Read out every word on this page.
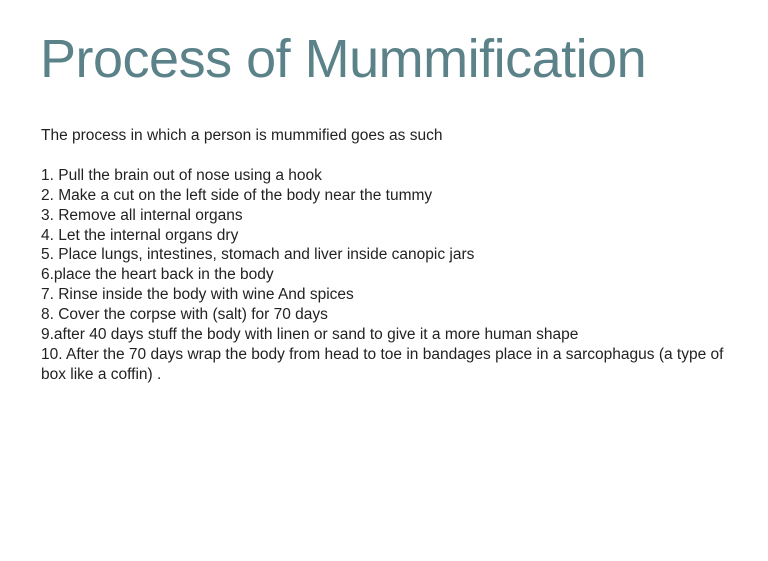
Process of Mummification

The process in which a person is mummified goes as such

1. Pull the brain out of nose using a hook
2. Make a cut on the left side of the body near the tummy
3. Remove all internal organs
4. Let the internal organs dry
5. Place lungs, intestines, stomach and liver inside canopic jars
6.place the heart back in the body
7. Rinse inside the body with wine And spices
8. Cover the corpse with (salt) for 70 days
9.after 40 days stuff the body with linen or sand to give it a more human shape
10. After the 70 days wrap the body from head to toe in bandages place in a sarcophagus (a type of box like a coffin) .
